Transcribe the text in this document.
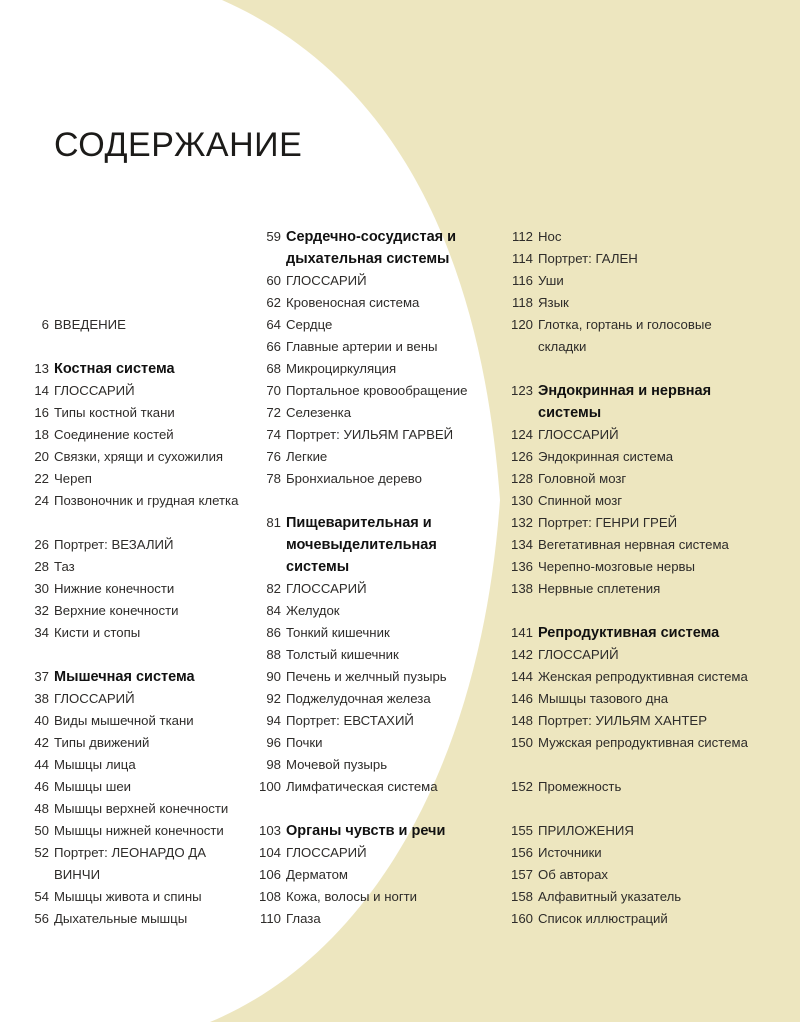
СОДЕРЖАНИЕ
6 ВВЕДЕНИЕ
13 Костная система
14 ГЛОССАРИЙ
16 Типы костной ткани
18 Соединение костей
20 Связки, хрящи и сухожилия
22 Череп
24 Позвоночник и грудная клетка
26 Портрет: ВЕЗАЛИЙ
28 Таз
30 Нижние конечности
32 Верхние конечности
34 Кисти и стопы
37 Мышечная система
38 ГЛОССАРИЙ
40 Виды мышечной ткани
42 Типы движений
44 Мышцы лица
46 Мышцы шеи
48 Мышцы верхней конечности
50 Мышцы нижней конечности
52 Портрет: ЛЕОНАРДО ДА ВИНЧИ
54 Мышцы живота и спины
56 Дыхательные мышцы
59 Сердечно-сосудистая и дыхательная системы
60 ГЛОССАРИЙ
62 Кровеносная система
64 Сердце
66 Главные артерии и вены
68 Микроциркуляция
70 Портальное кровообращение
72 Селезенка
74 Портрет: УИЛЬЯМ ГАРВЕЙ
76 Легкие
78 Бронхиальное дерево
81 Пищеварительная и мочевыделительная системы
82 ГЛОССАРИЙ
84 Желудок
86 Тонкий кишечник
88 Толстый кишечник
90 Печень и желчный пузырь
92 Поджелудочная железа
94 Портрет: ЕВСТАХИЙ
96 Почки
98 Мочевой пузырь
100 Лимфатическая система
103 Органы чувств и речи
104 ГЛОССАРИЙ
106 Дерматом
108 Кожа, волосы и ногти
110 Глаза
112 Нос
114 Портрет: ГАЛЕН
116 Уши
118 Язык
120 Глотка, гортань и голосовые складки
123 Эндокринная и нервная системы
124 ГЛОССАРИЙ
126 Эндокринная система
128 Головной мозг
130 Спинной мозг
132 Портрет: ГЕНРИ ГРЕЙ
134 Вегетативная нервная система
136 Черепно-мозговые нервы
138 Нервные сплетения
141 Репродуктивная система
142 ГЛОССАРИЙ
144 Женская репродуктивная система
146 Мышцы тазового дна
148 Портрет: УИЛЬЯМ ХАНТЕР
150 Мужская репродуктивная система
152 Промежность
155 ПРИЛОЖЕНИЯ
156 Источники
157 Об авторах
158 Алфавитный указатель
160 Список иллюстраций
